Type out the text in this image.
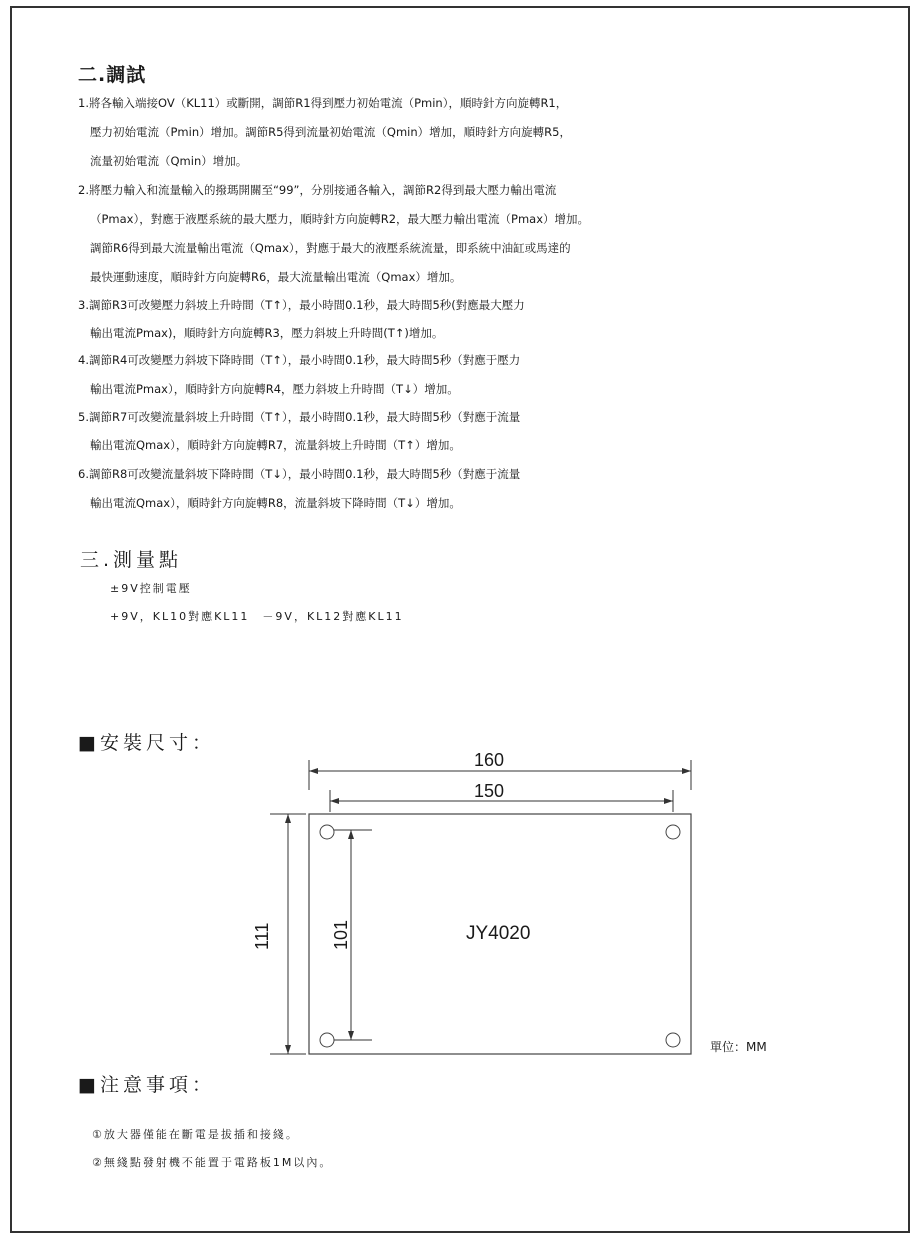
二.調試
1.將各輸入端接OV（KL11）或斷開，調節R1得到壓力初始電流（Pmin），順時針方向旋轉R1，
壓力初始電流（Pmin）增加。調節R5得到流量初始電流（Qmin）增加，順時針方向旋轉R5，
流量初始電流（Qmin）增加。
2.將壓力輸入和流量輸入的撥瑪開關至“99”，分別接通各輸入，調節R2得到最大壓力輸出電流
（Pmax），對應于液壓系統的最大壓力，順時針方向旋轉R2，最大壓力輸出電流（Pmax）增加。
調節R6得到最大流量輸出電流（Qmax），對應于最大的液壓系統流量，即系統中油缸或馬達的
最快運動速度，順時針方向旋轉R6，最大流量輸出電流（Qmax）增加。
3.調節R3可改變壓力斜坡上升時間（T↑），最小時間0.1秒，最大時間5秒(對應最大壓力
輸出電流Pmax)，順時針方向旋轉R3，壓力斜坡上升時間(T↑)增加。
4.調節R4可改變壓力斜坡下降時間（T↑），最小時間0.1秒，最大時間5秒（對應于壓力
輸出電流Pmax），順時針方向旋轉R4，壓力斜坡上升時間（T↓）增加。
5.調節R7可改變流量斜坡上升時間（T↑），最小時間0.1秒，最大時間5秒（對應于流量
輸出電流Qmax），順時針方向旋轉R7，流量斜坡上升時間（T↑）增加。
6.調節R8可改變流量斜坡下降時間（T↓），最小時間0.1秒，最大時間5秒（對應于流量
輸出電流Qmax），順時針方向旋轉R8，流量斜坡下降時間（T↓）增加。
三.測量點
±9V控制電壓
+9V，KL10對應KL11　－9V，KL12對應KL11
■安裝尺寸：
160
150
111	101	JY4020
單位：MM
■注意事項：
①放大器僅能在斷電是拔插和接綫。
②無綫點發射機不能置于電路板1M以內。
